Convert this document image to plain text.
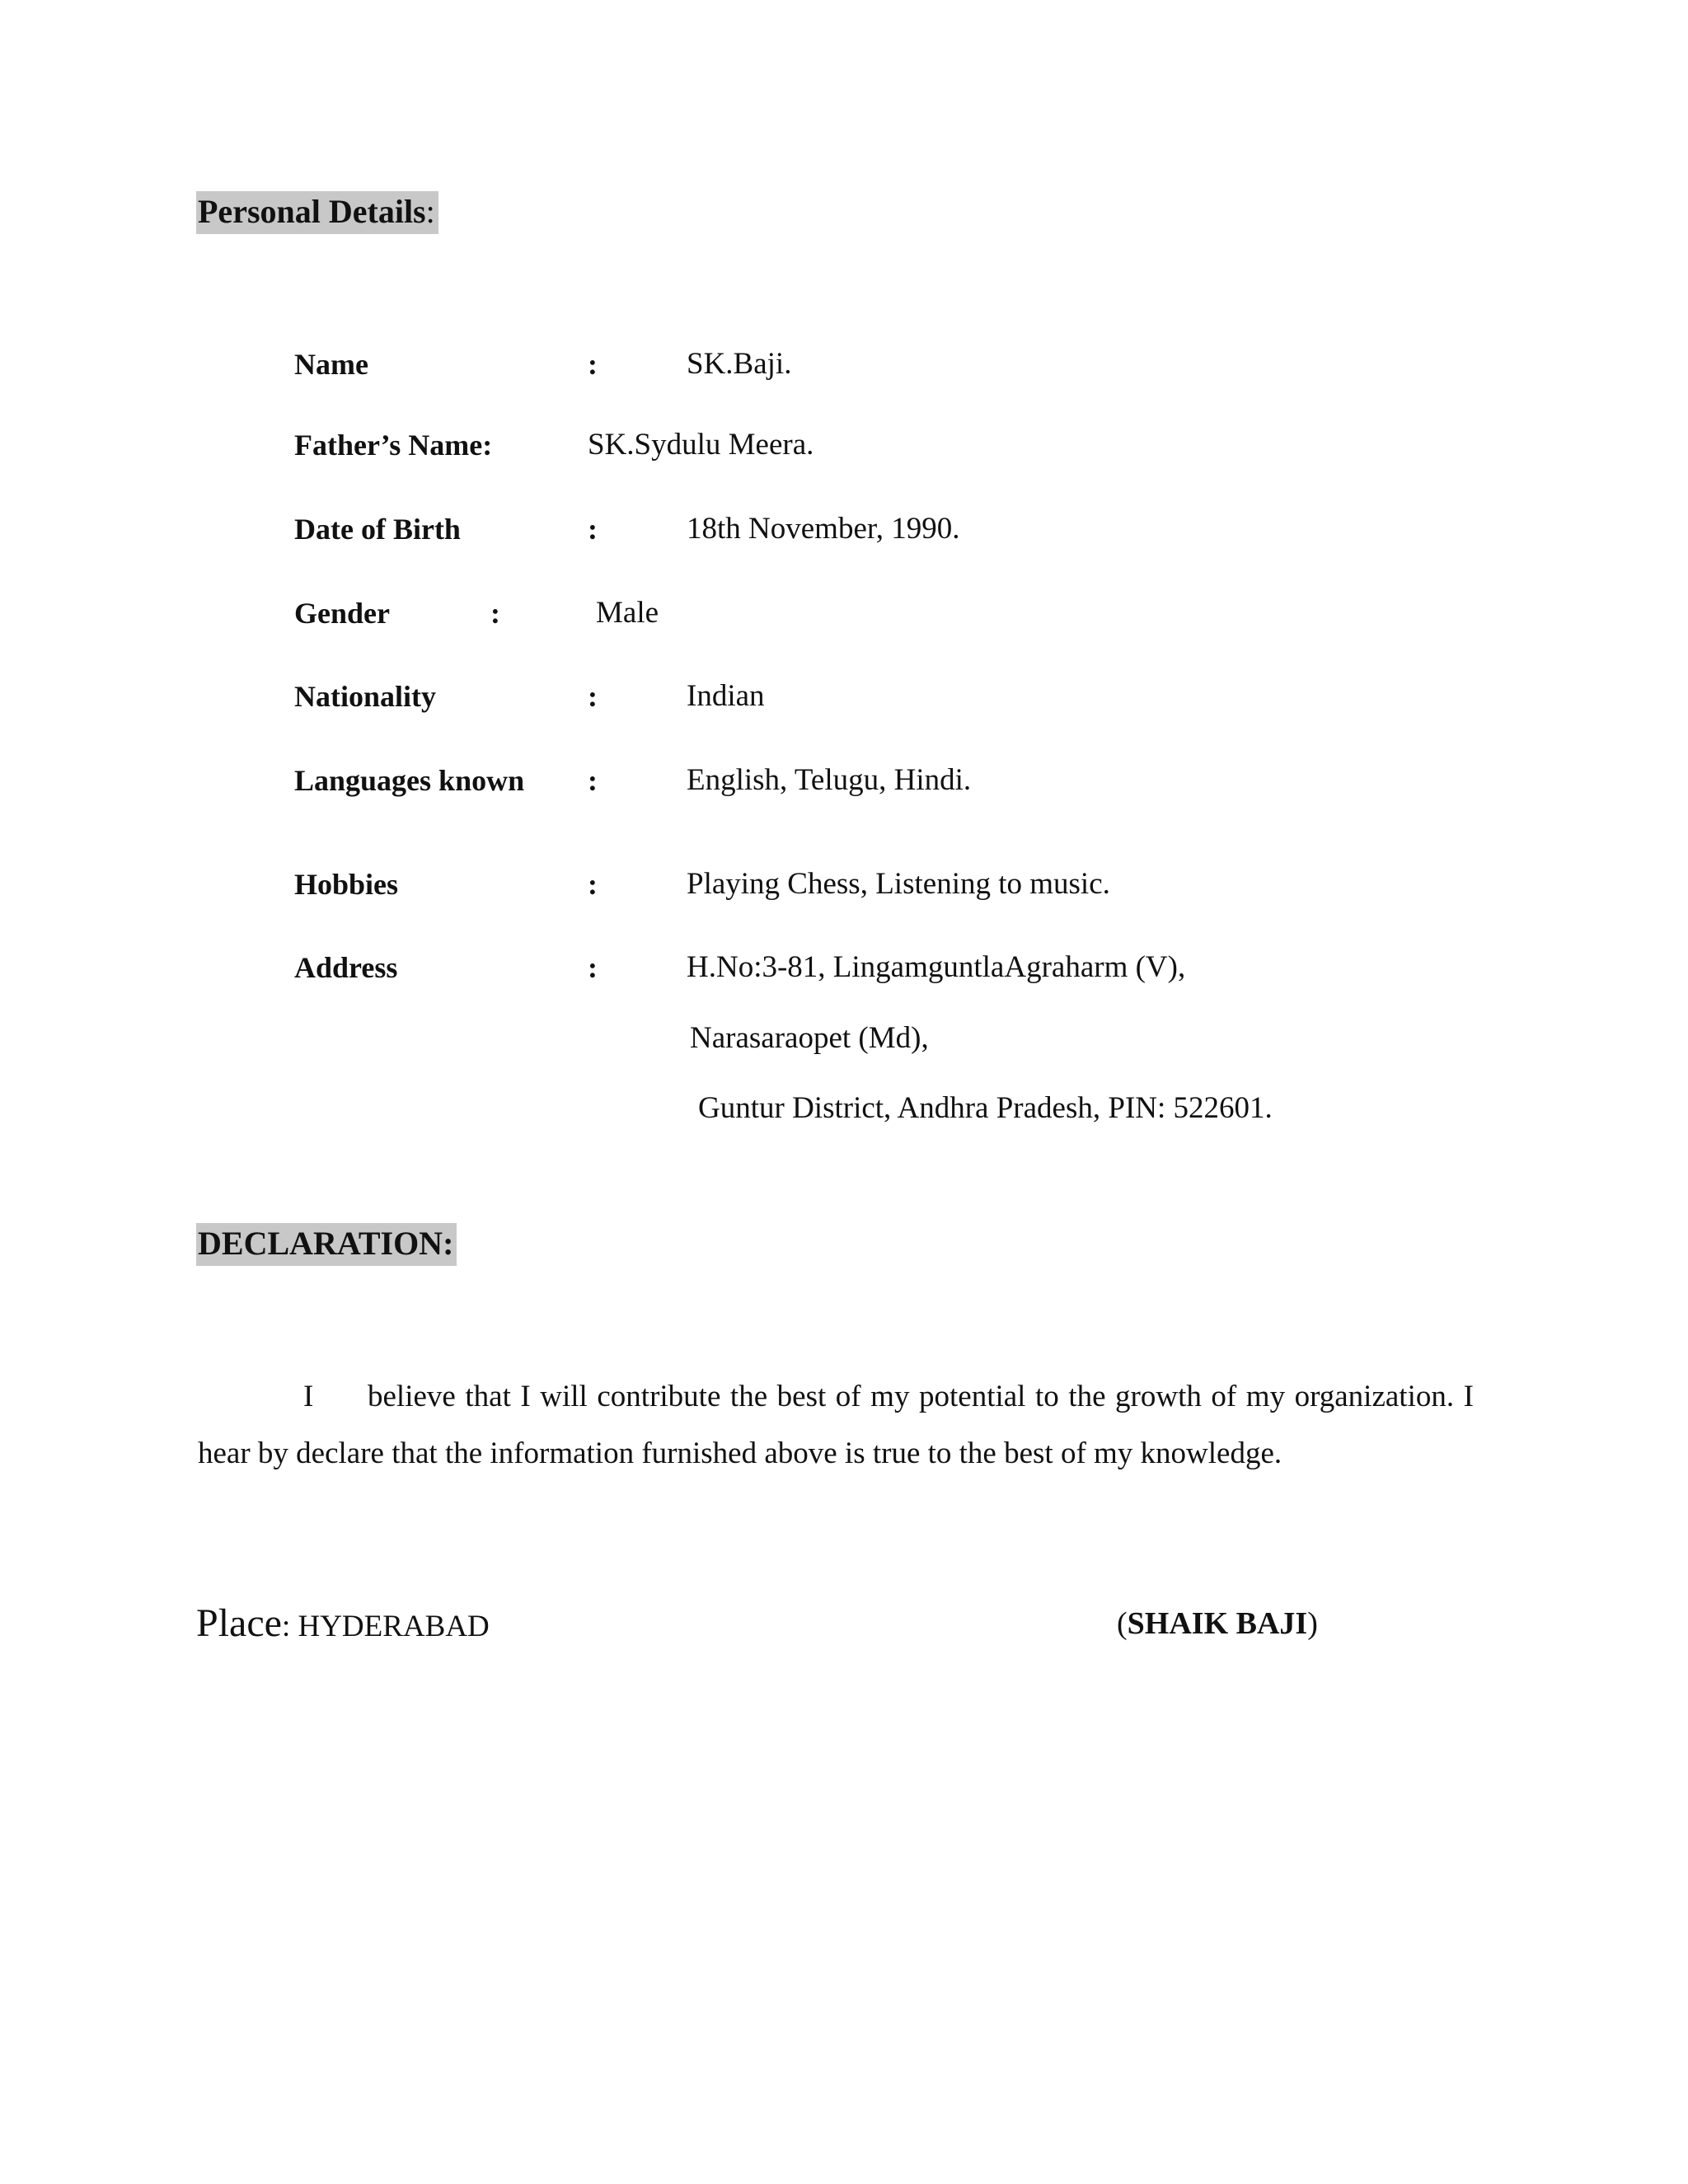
Personal Details:
Name	:	SK.Baji.
Father’s Name:	SK.Sydulu Meera.
Date of Birth	:	18th November, 1990.
Gender	:	Male
Nationality	:	Indian
Languages known :	English, Telugu, Hindi.
Hobbies	:	Playing Chess, Listening to music.
Address	:	H.No:3-81, LingamguntlaAgraharm (V),
Narasaraopet (Md),
Guntur District, Andhra Pradesh, PIN: 522601.
DECLARATION:
I believe that I will contribute the best of my potential to the growth of my organization. I hear by declare that the information furnished above is true to the best of my knowledge.
Place: HYDERABAD	(SHAIK BAJI)
